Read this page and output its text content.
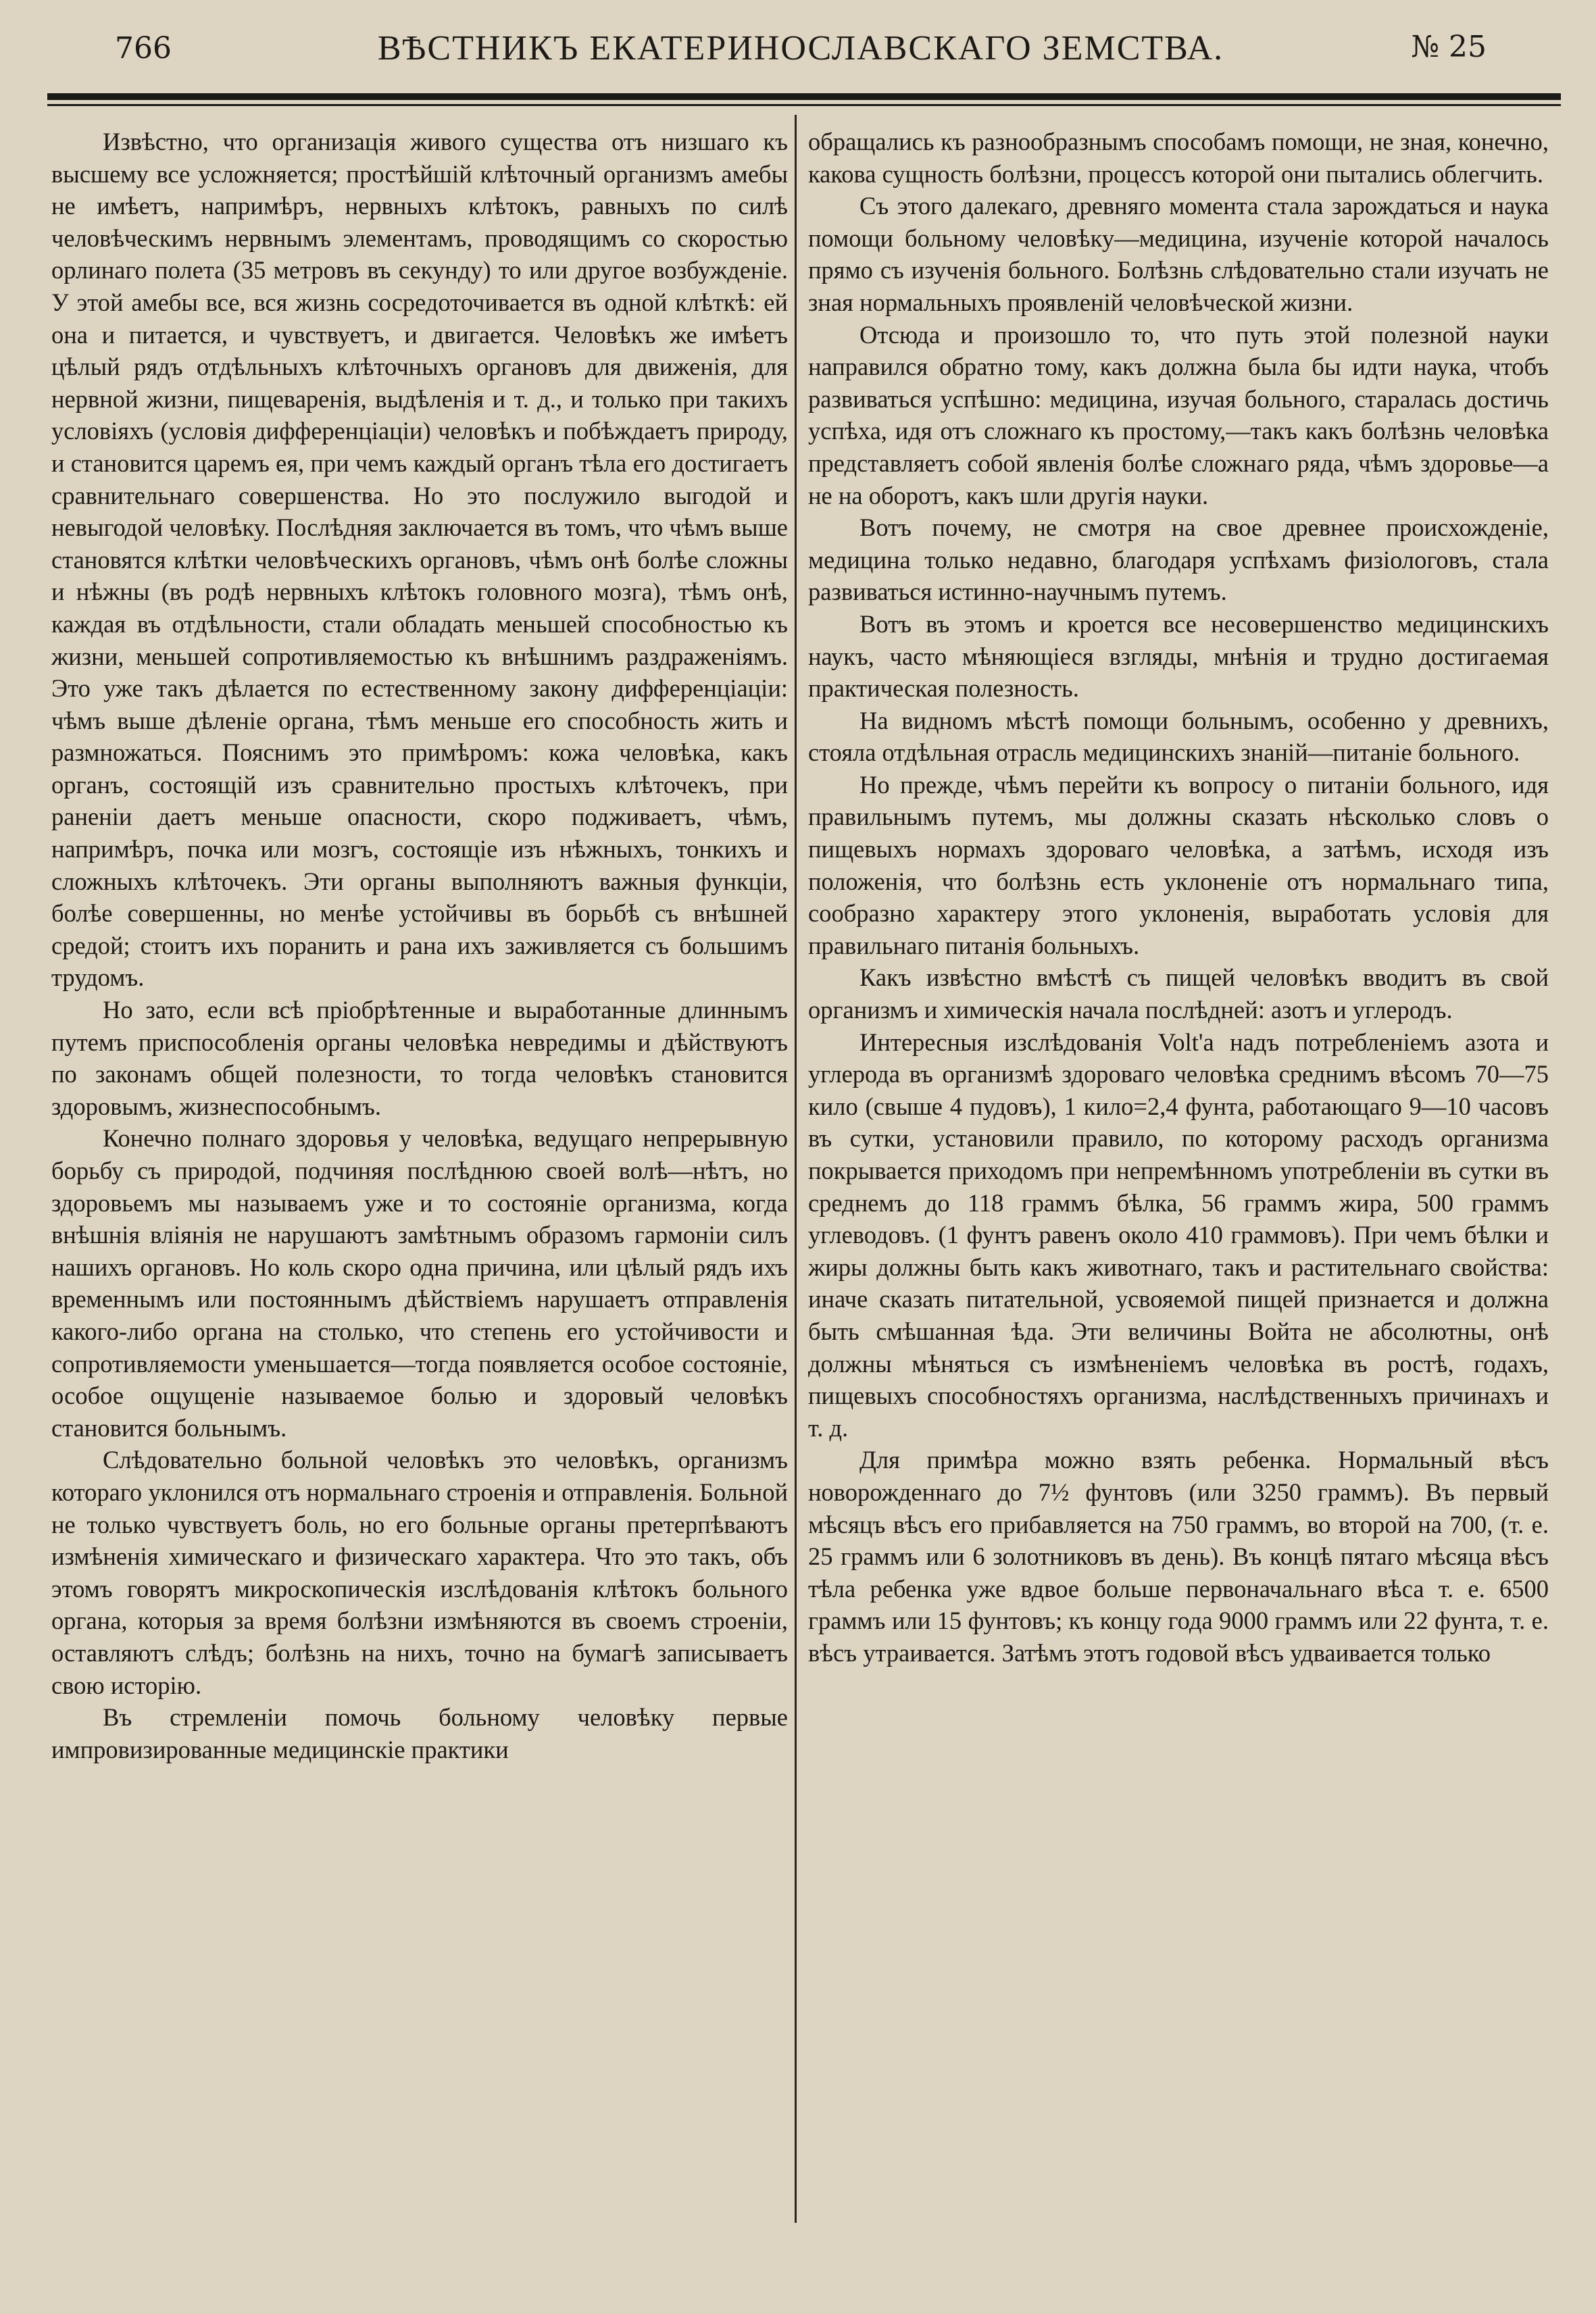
766	ВѢСТНИКЪ ЕКАТЕРИНОСЛАВСКАГО ЗЕМСТВА.	№ 25

Извѣстно, что организація живого существа отъ низшаго къ высшему все усложняется; простѣйшій клѣточный организмъ амебы не имѣетъ, напримѣръ, нервныхъ клѣтокъ, равныхъ по силѣ человѣческимъ нервнымъ элементамъ, проводящимъ со скоростью орлинаго полета (35 метровъ въ секунду) то или другое возбужденіе. У этой амебы все, вся жизнь сосредоточивается въ одной клѣткѣ: ей она и питается, и чувствуетъ, и двигается. Человѣкъ же имѣетъ цѣлый рядъ отдѣльныхъ клѣточныхъ органовъ для движенія, для нервной жизни, пищеваренія, выдѣленія и т. д., и только при такихъ условіяхъ (условія дифференціаціи) человѣкъ и побѣждаетъ природу, и становится царемъ ея, при чемъ каждый органъ тѣла его достигаетъ сравнительнаго совершенства. Но это послужило выгодой и невыгодой человѣку. Послѣдняя заключается въ томъ, что чѣмъ выше становятся клѣтки человѣческихъ органовъ, чѣмъ онѣ болѣе сложны и нѣжны (въ родѣ нервныхъ клѣтокъ головного мозга), тѣмъ онѣ, каждая въ отдѣльности, стали обладать меньшей способностью къ жизни, меньшей сопротивляемостью къ внѣшнимъ раздраженіямъ. Это уже такъ дѣлается по естественному закону дифференціаціи: чѣмъ выше дѣленіе органа, тѣмъ меньше его способность жить и размножаться. Пояснимъ это примѣромъ: кожа человѣка, какъ органъ, состоящій изъ сравнительно простыхъ клѣточекъ, при раненіи даетъ меньше опасности, скоро подживаетъ, чѣмъ, напримѣръ, почка или мозгъ, состоящіе изъ нѣжныхъ, тонкихъ и сложныхъ клѣточекъ. Эти органы выполняютъ важныя функціи, болѣе совершенны, но менѣе устойчивы въ борьбѣ съ внѣшней средой; стоитъ ихъ поранить и рана ихъ заживляется съ большимъ трудомъ.

Но зато, если всѣ пріобрѣтенные и выработанные длиннымъ путемъ приспособленія органы человѣка невредимы и дѣйствуютъ по законамъ общей полезности, то тогда человѣкъ становится здоровымъ, жизнеспособнымъ.

Конечно полнаго здоровья у человѣка, ведущаго непрерывную борьбу съ природой, подчиняя послѣднюю своей волѣ—нѣтъ, но здоровьемъ мы называемъ уже и то состояніе организма, когда внѣшнія вліянія не нарушаютъ замѣтнымъ образомъ гармоніи силъ нашихъ органовъ. Но коль скоро одна причина, или цѣлый рядъ ихъ временнымъ или постояннымъ дѣйствіемъ нарушаетъ отправленія какого-либо органа на столько, что степень его устойчивости и сопротивляемости уменьшается—тогда появляется особое состояніе, особое ощущеніе называемое болью и здоровый человѣкъ становится больнымъ.

Слѣдовательно больной человѣкъ это человѣкъ, организмъ котораго уклонился отъ нормальнаго строенія и отправленія. Больной не только чувствуетъ боль, но его больные органы претерпѣваютъ измѣненія химическаго и физическаго характера. Что это такъ, объ этомъ говорятъ микроскопическія изслѣдованія клѣтокъ больного органа, которыя за время болѣзни измѣняются въ своемъ строеніи, оставляютъ слѣдъ; болѣзнь на нихъ, точно на бумагѣ записываетъ свою исторію.

Въ стремленіи помочь больному человѣку первые импровизированные медицинскіе практики

обращались къ разнообразнымъ способамъ помощи, не зная, конечно, какова сущность болѣзни, процессъ которой они пытались облегчить.

Съ этого далекаго, древняго момента стала зарождаться и наука помощи больному человѣку—медицина, изученіе которой началось прямо съ изученія больного. Болѣзнь слѣдовательно стали изучать не зная нормальныхъ проявленій человѣческой жизни.

Отсюда и произошло то, что путь этой полезной науки направился обратно тому, какъ должна была бы идти наука, чтобъ развиваться успѣшно: медицина, изучая больного, старалась достичь успѣха, идя отъ сложнаго къ простому,—такъ какъ болѣзнь человѣка представляетъ собой явленія болѣе сложнаго ряда, чѣмъ здоровье—а не на оборотъ, какъ шли другія науки.

Вотъ почему, не смотря на свое древнее происхожденіе, медицина только недавно, благодаря успѣхамъ физіологовъ, стала развиваться истинно-научнымъ путемъ.

Вотъ въ этомъ и кроется все несовершенство медицинскихъ наукъ, часто мѣняющіеся взгляды, мнѣнія и трудно достигаемая практическая полезность.

На видномъ мѣстѣ помощи больнымъ, особенно у древнихъ, стояла отдѣльная отрасль медицинскихъ знаній—питаніе больного.

Но прежде, чѣмъ перейти къ вопросу о питаніи больного, идя правильнымъ путемъ, мы должны сказать нѣсколько словъ о пищевыхъ нормахъ здороваго человѣка, а затѣмъ, исходя изъ положенія, что болѣзнь есть уклоненіе отъ нормальнаго типа, сообразно характеру этого уклоненія, выработать условія для правильнаго питанія больныхъ.

Какъ извѣстно вмѣстѣ съ пищей человѣкъ вводитъ въ свой организмъ и химическія начала послѣдней: азотъ и углеродъ.

Интересныя изслѣдованія Volt'а надъ потребленіемъ азота и углерода въ организмѣ здороваго человѣка среднимъ вѣсомъ 70—75 кило (свыше 4 пудовъ), 1 кило=2,4 фунта, работающаго 9—10 часовъ въ сутки, установили правило, по которому расходъ организма покрывается приходомъ при непремѣнномъ употребленіи въ сутки въ среднемъ до 118 граммъ бѣлка, 56 граммъ жира, 500 граммъ углеводовъ. (1 фунтъ равенъ около 410 граммовъ). При чемъ бѣлки и жиры должны быть какъ животнаго, такъ и растительнаго свойства: иначе сказать питательной, усвояемой пищей признается и должна быть смѣшанная ѣда. Эти величины Войта не абсолютны, онѣ должны мѣняться съ измѣненіемъ человѣка въ ростѣ, годахъ, пищевыхъ способностяхъ организма, наслѣдственныхъ причинахъ и т. д.

Для примѣра можно взять ребенка. Нормальный вѣсъ новорожденнаго до 7½ фунтовъ (или 3250 граммъ). Въ первый мѣсяцъ вѣсъ его прибавляется на 750 граммъ, во второй на 700, (т. е. 25 граммъ или 6 золотниковъ въ день). Въ концѣ пятаго мѣсяца вѣсъ тѣла ребенка уже вдвое больше первоначальнаго вѣса т. е. 6500 граммъ или 15 фунтовъ; къ концу года 9000 граммъ или 22 фунта, т. е. вѣсъ утраивается. Затѣмъ этотъ годовой вѣсъ удваивается только
